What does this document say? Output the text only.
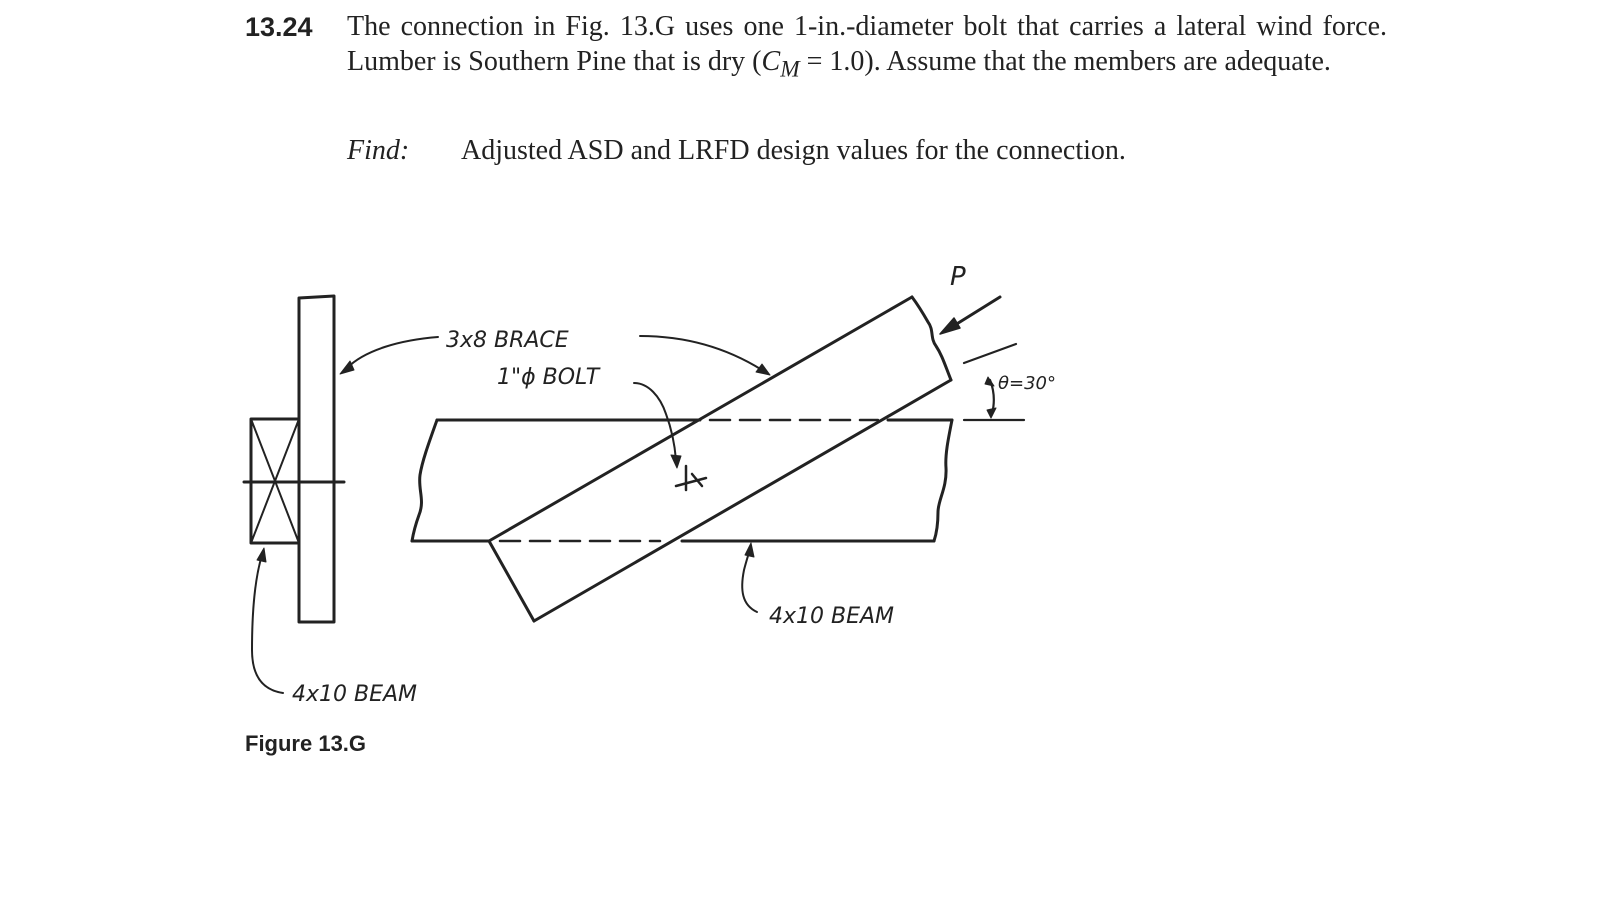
13.24 The connection in Fig. 13.G uses one 1-in.-diameter bolt that carries a lateral wind force. Lumber is Southern Pine that is dry $(C_M = 1.0)$. Assume that the members are adequate.
Find: Adjusted ASD and LRFD design values for the connection.
3x8 BRACE
1"ϕ BOLT
4x10 BEAM
4x10 BEAM
P
θ=30°
Figure 13.G
